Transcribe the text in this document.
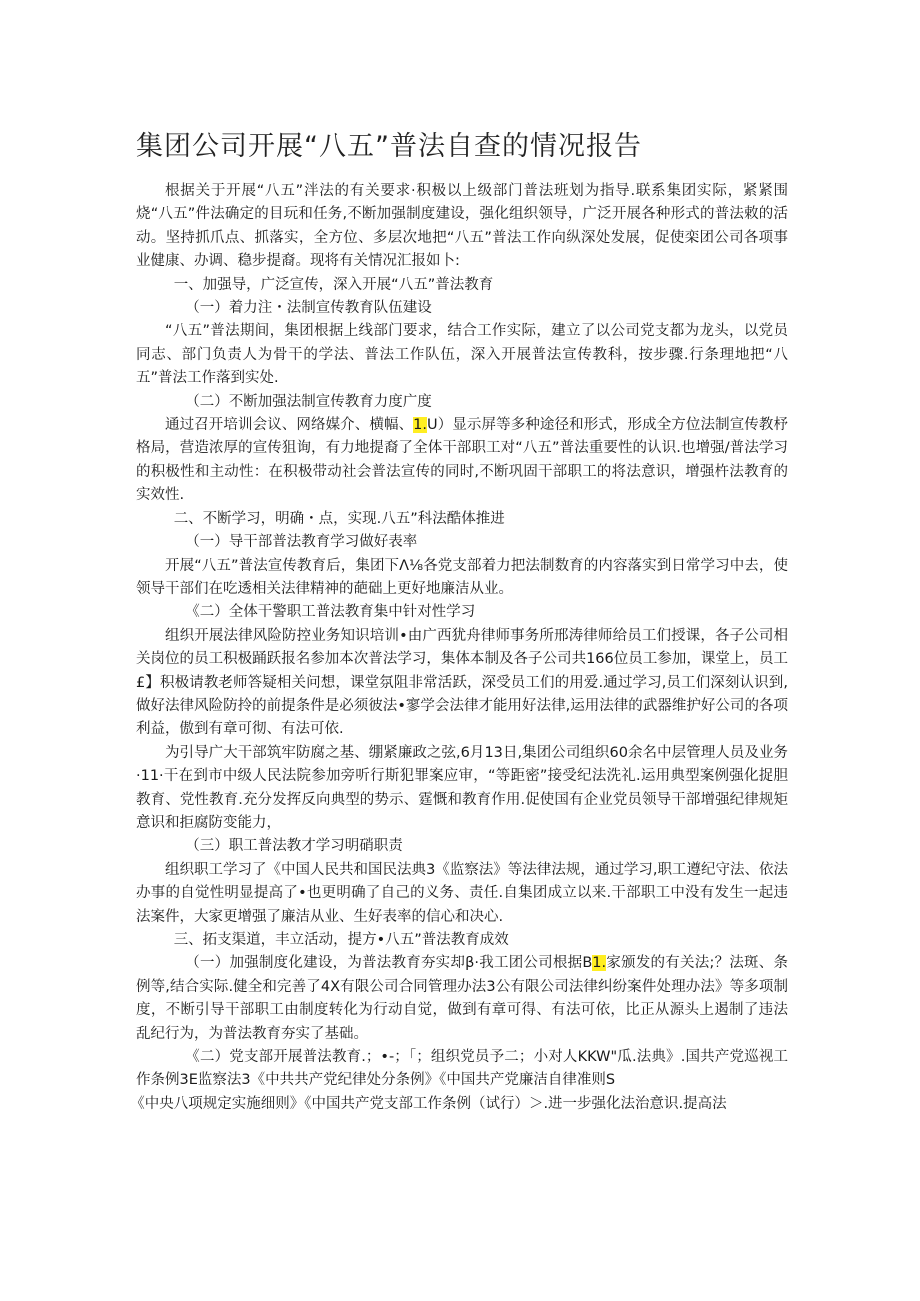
集团公司开展“八五”普法自查的情况报告

根据关于开展“八五”泮法的有关要求·积极以上级部门普法班划为指导.联系集团实际，紧紧围烧“八五”件法确定的目玩和任务,不断加强制度建设，强化组织领导，广泛开展各种形式的普法敕的活动。坚持抓爪点、抓落实，全方位、多层次地把“八五”普法工作向纵深处发展，促使栾团公司各项事业健康、办调、稳步提裔。现将有关情况汇报如卜:

一、加强导，广泛宣传，深入开展“八五”普法教育

（一）着力注・法制宣传教育队伍建设

“八五”普法期间，集团根据上线部门要求，结合工作实际，建立了以公司党支都为龙头，以党员同志、部门负责人为骨干的学法、普法工作队伍，深入开展普法宣传教科，按步骤.行条理地把“八五”普法工作落到实处.

（二）不断加强法制宣传教育力度广度

通过召开培训会议、网络媒介、横幅、1.U）显示屏等多种途径和形式，形成全方位法制宣传教杼格局，营造浓厚的宣传狙询，有力地提裔了全体干部职工对“八五”普法重要性的认识.也增强/普法学习的积极性和主动性：在积极带动社会普法宣传的同时,不断巩固干部职工的将法意识，增强杵法教育的实效性.

二、不断学习，明确・点，实现.八五”科法酷体推进

（一）导干部普法教育学习做好表率

开展“八五”普法宣传教育后，集团下Λ⅛各党支部着力把法制数育的内容落实到日常学习中去，使领导干部们在吃透相关法律精神的葩础上更好地廉洁从业。

《二）全体干警职工普法教育集中针对性学习

组织开展法律风险防控业务知识培训•由广西犹舟律师事务所邢涛律师给员工们授课，各子公司相关岗位的员工积极踊跃报名参加本次普法学习，集体本制及各子公司共166位员工参加，课堂上，员工£】积极请教老师答疑相关问想，课堂氛阻非常活跃，深受员工们的用爱.通过学习,员工们深刻认识到,做好法律风险防拎的前提条件是必须彼法•寥学会法律才能用好法律,运用法律的武器维护好公司的各项利益，傲到有章可彻、有法可依.

为引导广大干部筑牢防腐之基、绷紧廉政之弦,6月13日,集团公司组织60余名中层管理人员及业务·11·干在到市中级人民法院参加旁听行斯犯罪案应审，“等距密”接受纪法洗礼.运用典型案例强化捉胆教育、党性教育.充分发挥反向典型的势示、霆慨和教育作用.促使国有企业党员领导干部增强纪律规矩意识和拒腐防变能力，

（三）职工普法教才学习明硝职责

组织职工学习了《中国人民共和国民法典3《监察法》等法律法规，通过学习,职工遵纪守法、依法办事的自觉性明显提高了•也更明确了自己的义务、责任.自集团成立以来.干部职工中没有发生一起违法案件，大家更增强了廉洁从业、生好表率的信心和决心.

三、拓支渠道，丰立活动，提方•八五”普法教育成效

（一）加强制度化建设，为普法教育夯实却β·我工团公司根据B1.家颁发的有关法;？法斑、条例等,结合实际.健全和完善了4X有限公司合同管理办法3公有限公司法律纠纷案件处理办法》等多项制度，不断引导干部职工由制度转化为行动自觉，做到有章可得、有法可依，比正从源头上遏制了违法乱纪行为，为普法教育夯实了基础。

《二）党支部开展普法教育.；•-；「；组织党员予二；小对人KKW"瓜.法典》.国共产党巡视工作条例3E监察法3《中共共产党纪律处分条例》《中国共产党廉洁自律准则S

《中央八项规定实施细则》《中国共产党支部工作条例（试行）＞.进一步强化法治意识.提高法
